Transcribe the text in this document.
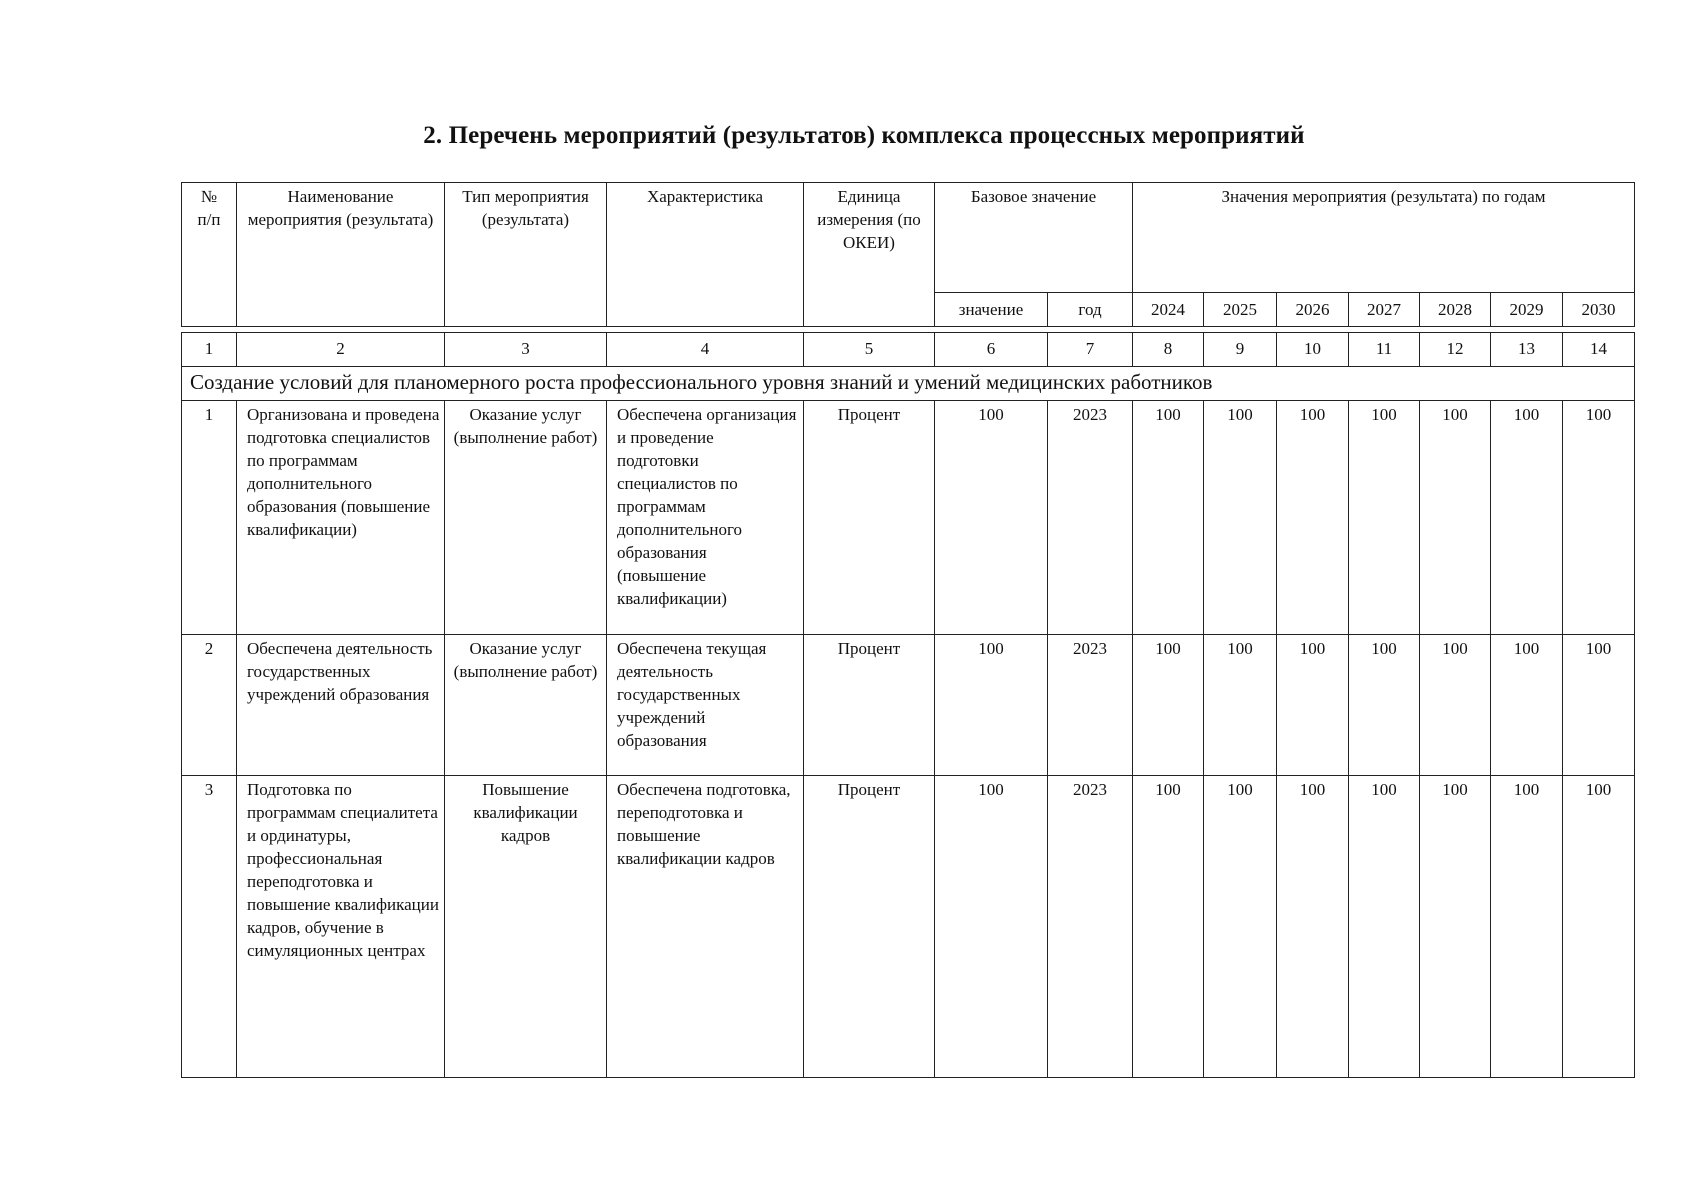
2. Перечень мероприятий (результатов) комплекса процессных мероприятий
№
п/п	Наименование мероприятия (результата)	Тип мероприятия (результата)	Характеристика	Единица измерения (по ОКЕИ)	Базовое значение		Значения мероприятия (результата) по годам						
					значение	год	2024	2025	2026	2027	2028	2029	2030
1	2	3	4	5	6	7	8	9	10	11	12	13	14
Создание условий для планомерного роста профессионального уровня знаний и умений медицинских работников													
1	Организована и проведена подготовка специалистов по программам дополнительного образования (повышение квалификации)	Оказание услуг (выполнение работ)	Обеспечена организация и проведение подготовки специалистов по программам дополнительного образования (повышение квалификации)	Процент	100	2023	100	100	100	100	100	100	100
2	Обеспечена деятельность государственных учреждений образования	Оказание услуг (выполнение работ)	Обеспечена текущая деятельность государственных учреждений образования	Процент	100	2023	100	100	100	100	100	100	100
3	Подготовка по программам специалитета и ординатуры, профессиональная переподготовка и повышение квалификации кадров, обучение в симуляционных центрах	Повышение квалификации кадров	Обеспечена подготовка, переподготовка и повышение квалификации кадров	Процент	100	2023	100	100	100	100	100	100	100
